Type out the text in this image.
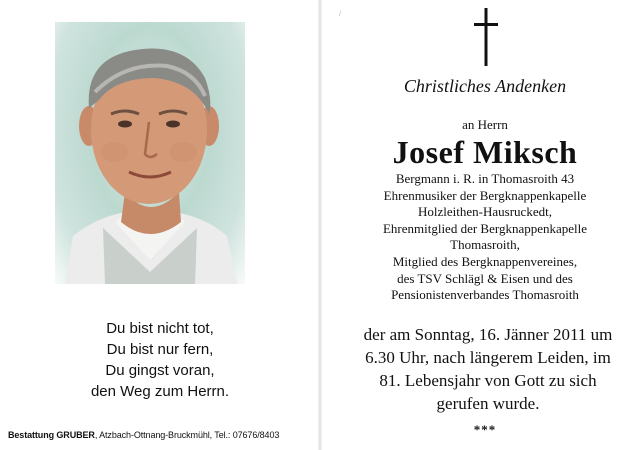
Du bist nicht tot,
Du bist nur fern,
Du gingst voran,
den Weg zum Herrn.
Bestattung GRUBER, Atzbach-Ottnang-Bruckmühl, Tel.: 07676/8403
/
Christliches Andenken
an Herrn
Josef Miksch
Bergmann i. R. in Thomasroith 43
Ehrenmusiker der Bergknappenkapelle
Holzleithen-Hausruckedt,
Ehrenmitglied der Bergknappenkapelle
Thomasroith,
Mitglied des Bergknappenvereines,
des TSV Schlägl & Eisen und des
Pensionistenverbandes Thomasroith
der am Sonntag, 16. Jänner 2011 um
6.30 Uhr, nach längerem Leiden, im
81. Lebensjahr von Gott zu sich
gerufen wurde.
***
